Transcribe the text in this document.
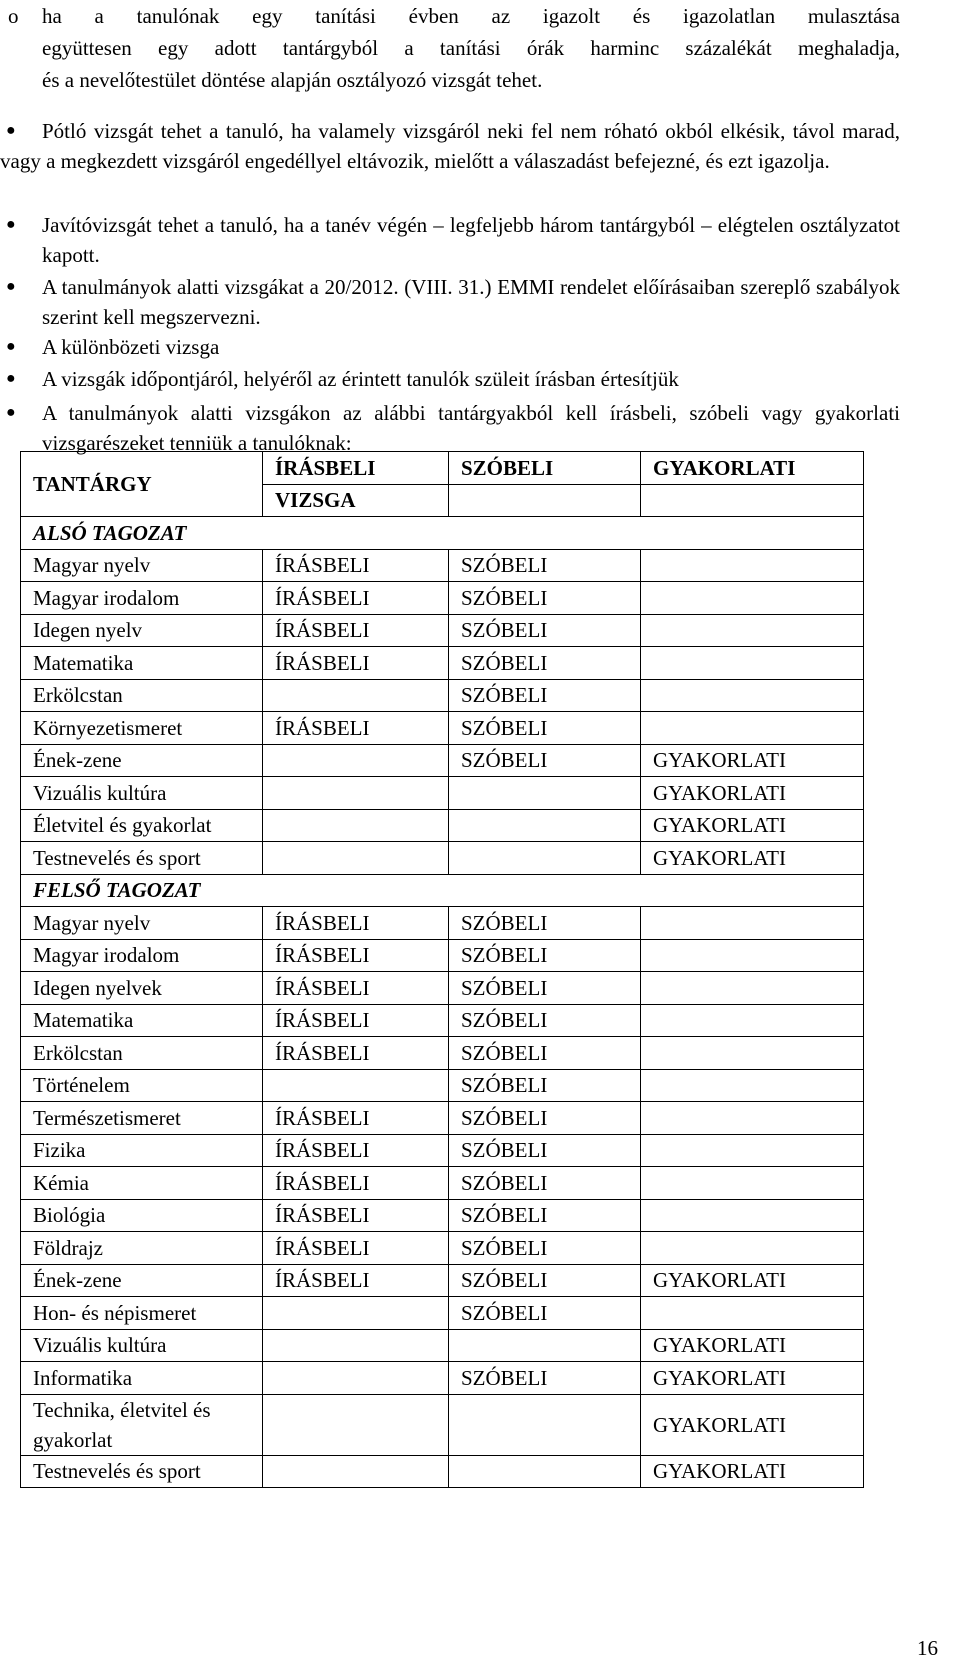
o ha a tanulónak egy tanítási évben az igazolt és igazolatlan mulasztása
együttesen egy adott tantárgyból a tanítási órák harminc százalékát meghaladja,
és a nevelőtestület döntése alapján osztályozó vizsgát tehet.
●	Pótló vizsgát tehet a tanuló, ha valamely vizsgáról neki fel nem róható okból elkésik, távol marad, vagy a megkezdett vizsgáról engedéllyel eltávozik, mielőtt a válaszadást befejezné, és ezt igazolja.
● Javítóvizsgát tehet a tanuló, ha a tanév végén – legfeljebb három tantárgyból – elégtelen osztályzatot kapott.
● A tanulmányok alatti vizsgákat a 20/2012. (VIII. 31.) EMMI rendelet előírásaiban szereplő szabályok szerint kell megszervezni.
● A különbözeti vizsga
● A vizsgák időpontjáról, helyéről az érintett tanulók szüleit írásban értesítjük
● A tanulmányok alatti vizsgákon az alábbi tantárgyakból kell írásbeli, szóbeli vagy gyakorlati vizsgarészeket tenniük a tanulóknak:
TANTÁRGY	ÍRÁSBELI	SZÓBELI	GYAKORLATI
	VIZSGA		
ALSÓ TAGOZAT			
Magyar nyelv	ÍRÁSBELI	SZÓBELI	
Magyar irodalom	ÍRÁSBELI	SZÓBELI	
Idegen nyelv	ÍRÁSBELI	SZÓBELI	
Matematika	ÍRÁSBELI	SZÓBELI	
Erkölcstan		SZÓBELI	
Környezetismeret	ÍRÁSBELI	SZÓBELI	
Ének-zene		SZÓBELI	GYAKORLATI
Vizuális kultúra			GYAKORLATI
Életvitel és gyakorlat			GYAKORLATI
Testnevelés és sport			GYAKORLATI
FELSŐ TAGOZAT			
Magyar nyelv	ÍRÁSBELI	SZÓBELI	
Magyar irodalom	ÍRÁSBELI	SZÓBELI	
Idegen nyelvek	ÍRÁSBELI	SZÓBELI	
Matematika	ÍRÁSBELI	SZÓBELI	
Erkölcstan	ÍRÁSBELI	SZÓBELI	
Történelem		SZÓBELI	
Természetismeret	ÍRÁSBELI	SZÓBELI	
Fizika	ÍRÁSBELI	SZÓBELI	
Kémia	ÍRÁSBELI	SZÓBELI	
Biológia	ÍRÁSBELI	SZÓBELI	
Földrajz	ÍRÁSBELI	SZÓBELI	
Ének-zene	ÍRÁSBELI	SZÓBELI	GYAKORLATI
Hon- és népismeret		SZÓBELI	
Vizuális kultúra			GYAKORLATI
Informatika		SZÓBELI	GYAKORLATI
Technika, életvitel és gyakorlat			GYAKORLATI
Testnevelés és sport			GYAKORLATI
16
